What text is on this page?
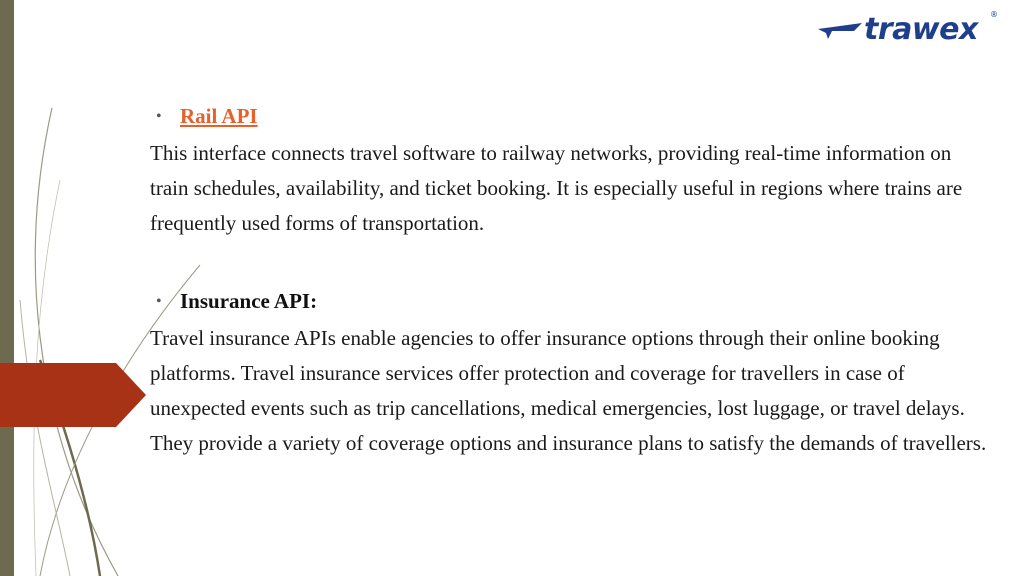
trawex ®
• Rail API

This interface connects travel software to railway networks, providing real-time information on train schedules, availability, and ticket booking. It is especially useful in regions where trains are frequently used forms of transportation.

• Insurance API:

Travel insurance APIs enable agencies to offer insurance options through their online booking platforms. Travel insurance services offer protection and coverage for travellers in case of unexpected events such as trip cancellations, medical emergencies, lost luggage, or travel delays. They provide a variety of coverage options and insurance plans to satisfy the demands of travellers.
